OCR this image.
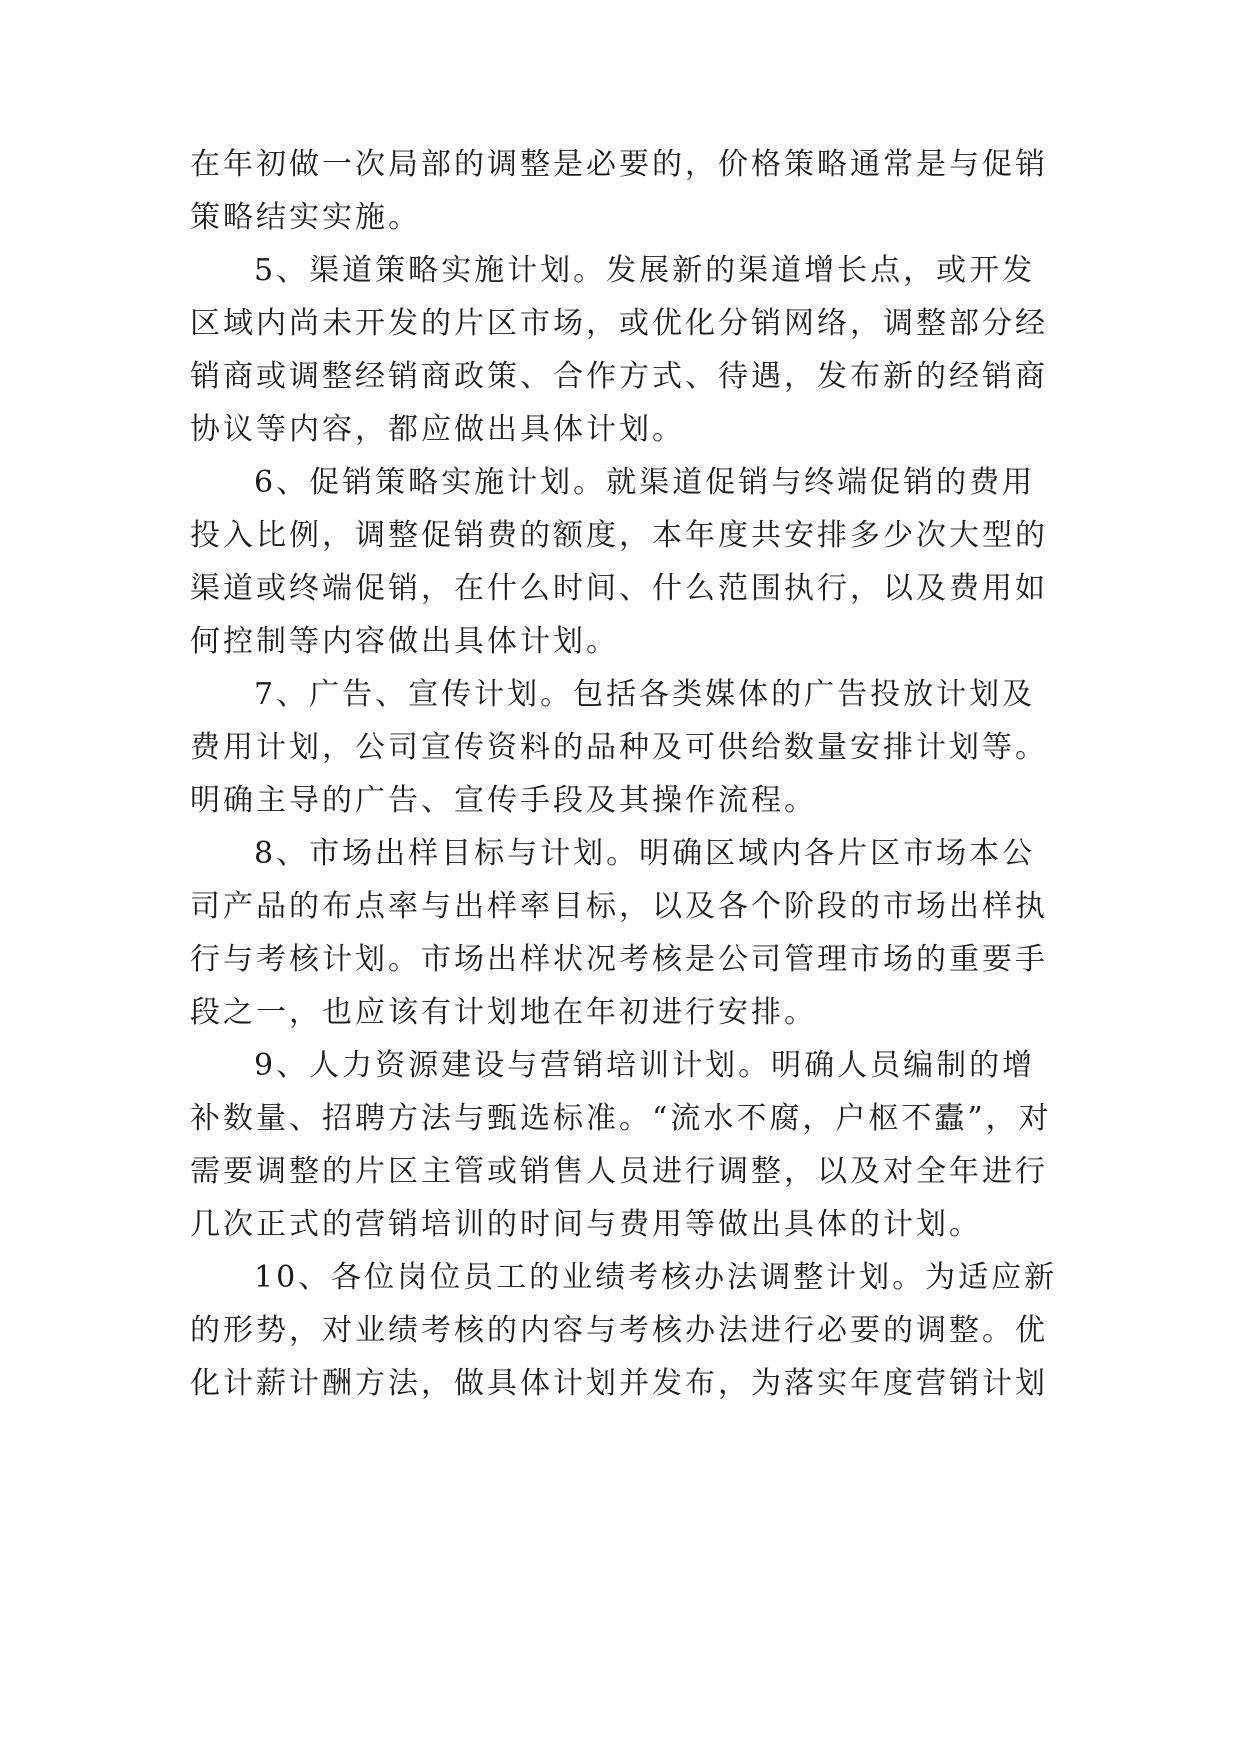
在年初做一次局部的调整是必要的，价格策略通常是与促销
策略结实实施。
5、渠道策略实施计划。发展新的渠道增长点，或开发
区域内尚未开发的片区市场，或优化分销网络，调整部分经
销商或调整经销商政策、合作方式、待遇，发布新的经销商
协议等内容，都应做出具体计划。
6、促销策略实施计划。就渠道促销与终端促销的费用
投入比例，调整促销费的额度，本年度共安排多少次大型的
渠道或终端促销，在什么时间、什么范围执行，以及费用如
何控制等内容做出具体计划。
7、广告、宣传计划。包括各类媒体的广告投放计划及
费用计划，公司宣传资料的品种及可供给数量安排计划等。
明确主导的广告、宣传手段及其操作流程。
8、市场出样目标与计划。明确区域内各片区市场本公
司产品的布点率与出样率目标，以及各个阶段的市场出样执
行与考核计划。市场出样状况考核是公司管理市场的重要手
段之一，也应该有计划地在年初进行安排。
9、人力资源建设与营销培训计划。明确人员编制的增
补数量、招聘方法与甄选标准。“流水不腐，户枢不蠹”，对
需要调整的片区主管或销售人员进行调整，以及对全年进行
几次正式的营销培训的时间与费用等做出具体的计划。
10、各位岗位员工的业绩考核办法调整计划。为适应新
的形势，对业绩考核的内容与考核办法进行必要的调整。优
化计薪计酬方法，做具体计划并发布，为落实年度营销计划
